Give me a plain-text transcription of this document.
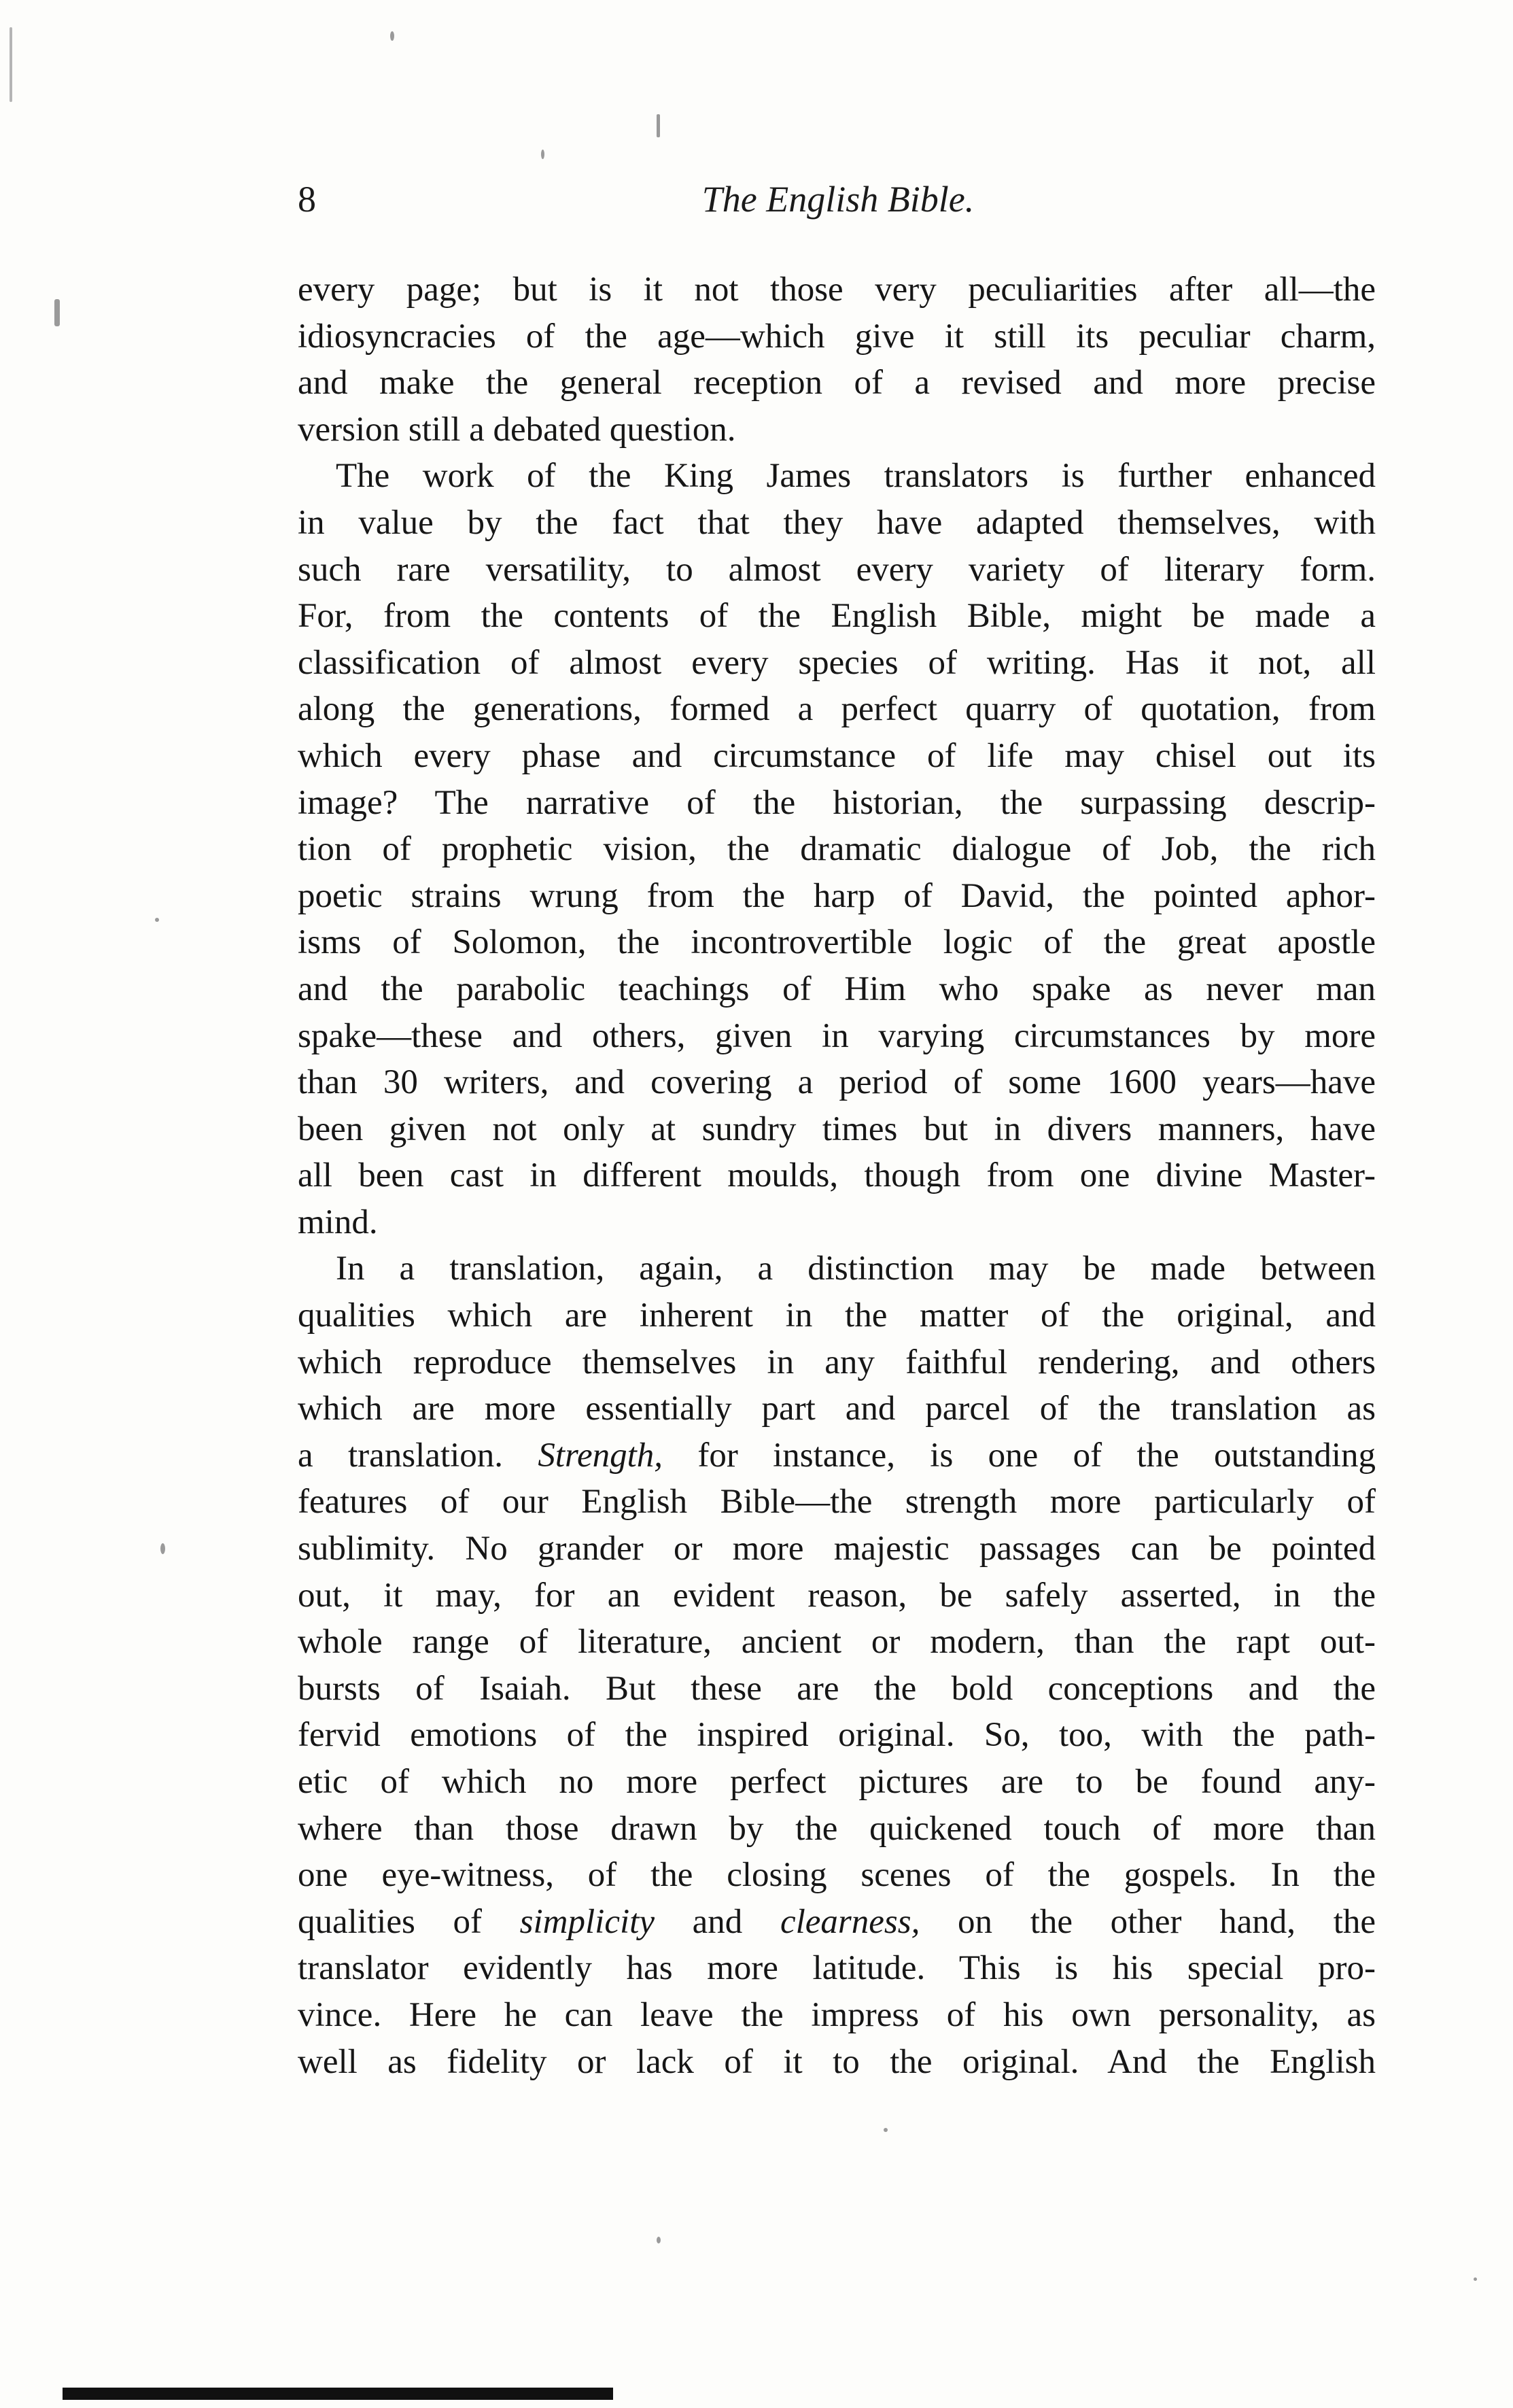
8	The English Bible.
every page; but is it not those very peculiarities after all—the
idiosyncracies of the age—which give it still its peculiar charm,
and make the general reception of a revised and more precise
version still a debated question.
The work of the King James translators is further enhanced
in value by the fact that they have adapted themselves, with
such rare versatility, to almost every variety of literary form.
For, from the contents of the English Bible, might be made a
classification of almost every species of writing. Has it not, all
along the generations, formed a perfect quarry of quotation, from
which every phase and circumstance of life may chisel out its
image? The narrative of the historian, the surpassing descrip-
tion of prophetic vision, the dramatic dialogue of Job, the rich
poetic strains wrung from the harp of David, the pointed aphor-
isms of Solomon, the incontrovertible logic of the great apostle
and the parabolic teachings of Him who spake as never man
spake—these and others, given in varying circumstances by more
than 30 writers, and covering a period of some 1600 years—have
been given not only at sundry times but in divers manners, have
all been cast in different moulds, though from one divine Master-
mind.
In a translation, again, a distinction may be made between
qualities which are inherent in the matter of the original, and
which reproduce themselves in any faithful rendering, and others
which are more essentially part and parcel of the translation as
a translation. Strength, for instance, is one of the outstanding
features of our English Bible—the strength more particularly of
sublimity. No grander or more majestic passages can be pointed
out, it may, for an evident reason, be safely asserted, in the
whole range of literature, ancient or modern, than the rapt out-
bursts of Isaiah. But these are the bold conceptions and the
fervid emotions of the inspired original. So, too, with the path-
etic of which no more perfect pictures are to be found any-
where than those drawn by the quickened touch of more than
one eye-witness, of the closing scenes of the gospels. In the
qualities of simplicity and clearness, on the other hand, the
translator evidently has more latitude. This is his special pro-
vince. Here he can leave the impress of his own personality, as
well as fidelity or lack of it to the original. And the English
